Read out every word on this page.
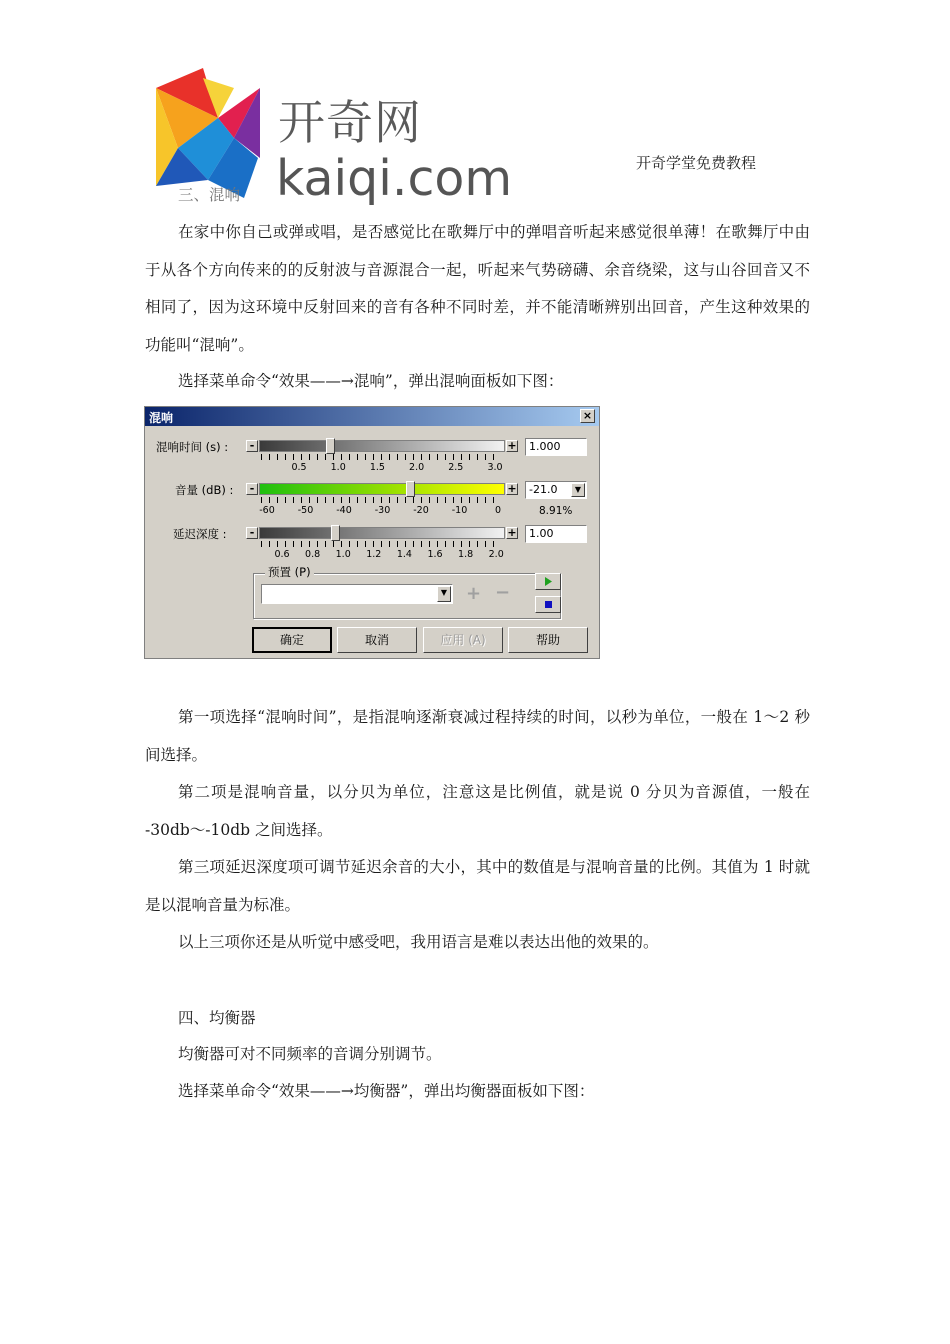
开奇网
kaiqi.com	开奇学堂免费教程

三、混响

在家中你自己或弹或唱，是否感觉比在歌舞厅中的弹唱音听起来感觉很单薄！在歌舞厅中由于从各个方向传来的的反射波与音源混合一起，听起来气势磅礴、余音绕梁，这与山谷回音又不相同了，因为这环境中反射回来的音有各种不同时差，并不能清晰辨别出回音，产生这种效果的功能叫“混响”。

选择菜单命令“效果——→混响”，弹出混响面板如下图：

混响	×
混响时间 (s) :	-	+	1.000
音量 (dB) :	-	+	-21.0	▼
8.91%
延迟深度 :	-	+	1.00
预置 (P)
▼ + −
确定	取消	应用 (A)	帮助
0.5	1.0	1.5	2.0	2.5	3.0
-60	-50	-40	-30	-20	-10	0
0.6	0.8	1.0	1.2	1.4	1.6	1.8	2.0

第一项选择“混响时间”，是指混响逐渐衰减过程持续的时间，以秒为单位，一般在 1～2 秒间选择。

第二项是混响音量，以分贝为单位，注意这是比例值，就是说 0 分贝为音源值，一般在 -30db～-10db 之间选择。

第三项延迟深度项可调节延迟余音的大小，其中的数值是与混响音量的比例。其值为 1 时就是以混响音量为标准。

以上三项你还是从听觉中感受吧，我用语言是难以表达出他的效果的。

四、均衡器

均衡器可对不同频率的音调分别调节。

选择菜单命令“效果——→均衡器”，弹出均衡器面板如下图：
